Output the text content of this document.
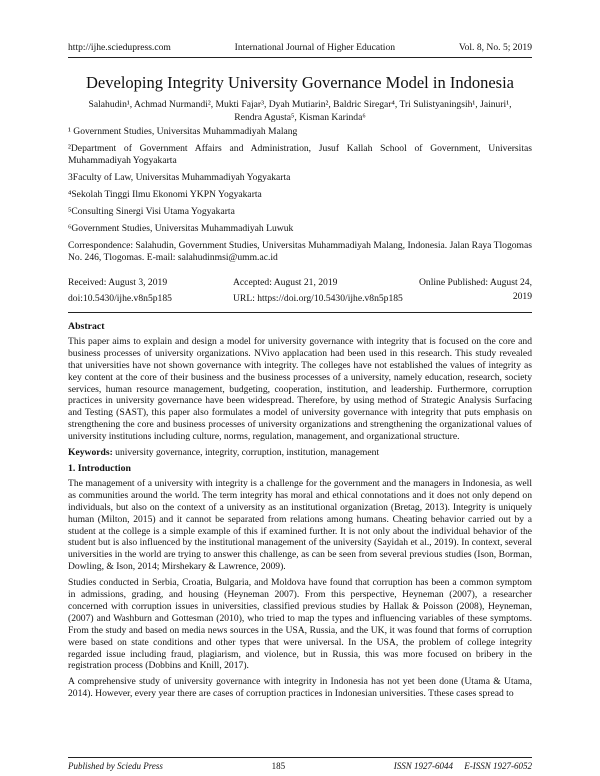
http://ijhe.sciedupress.com	International Journal of Higher Education	Vol. 8, No. 5; 2019
Developing Integrity University Governance Model in Indonesia
Salahudin¹, Achmad Nurmandi², Mukti Fajar³, Dyah Mutiarin², Baldric Siregar⁴, Tri Sulistyaningsih¹, Jainuri¹,
Rendra Agusta⁵, Kisman Karinda⁶

¹ Government Studies, Universitas Muhammadiyah Malang

²Department of Government Affairs and Administration, Jusuf Kallah School of Government, Universitas Muhammadiyah Yogyakarta

3Faculty of Law, Universitas Muhammadiyah Yogyakarta

⁴Sekolah Tinggi Ilmu Ekonomi YKPN Yogyakarta

⁵Consulting Sinergi Visi Utama Yogyakarta

⁶Government Studies, Universitas Muhammadiyah Luwuk

Correspondence: Salahudin, Government Studies, Universitas Muhammadiyah Malang, Indonesia. Jalan Raya Tlogomas No. 246, Tlogomas. E-mail: salahudinmsi@umm.ac.id

Received: August 3, 2019	Accepted: August 21, 2019	Online Published: August 24, 2019
doi:10.5430/ijhe.v8n5p185	URL: https://doi.org/10.5430/ijhe.v8n5p185
Abstract

This paper aims to explain and design a model for university governance with integrity that is focused on the core and business processes of university organizations. NVivo applacation had been used in this research. This study revealed that universities have not shown governance with integrity. The colleges have not established the values of integrity as key content at the core of their business and the business processes of a university, namely education, research, society services, human resource management, budgeting, cooperation, institution, and leadership. Furthermore, corruption practices in university governance have been widespread. Therefore, by using method of Strategic Analysis Surfacing and Testing (SAST), this paper also formulates a model of university governance with integrity that puts emphasis on strengthening the core and business processes of university organizations and strengthening the organizational values of university institutions including culture, norms, regulation, management, and organizational structure.

Keywords: university governance, integrity, corruption, institution, management

1. Introduction

The management of a university with integrity is a challenge for the government and the managers in Indonesia, as well as communities around the world. The term integrity has moral and ethical connotations and it does not only depend on individuals, but also on the context of a university as an institutional organization (Bretag, 2013). Integrity is uniquely human (Milton, 2015) and it cannot be separated from relations among humans. Cheating behavior carried out by a student at the college is a simple example of this if examined further. It is not only about the individual behavior of the student but is also influenced by the institutional management of the university (Sayidah et al., 2019). In context, several universities in the world are trying to answer this challenge, as can be seen from several previous studies (Ison, Borman, Dowling, & Ison, 2014; Mirshekary & Lawrence, 2009).

Studies conducted in Serbia, Croatia, Bulgaria, and Moldova have found that corruption has been a common symptom in admissions, grading, and housing (Heyneman 2007). From this perspective, Heyneman (2007), a researcher concerned with corruption issues in universities, classified previous studies by Hallak & Poisson (2008), Heyneman, (2007) and Washburn and Gottesman (2010), who tried to map the types and influencing variables of these symptoms. From the study and based on media news sources in the USA, Russia, and the UK, it was found that forms of corruption were based on state conditions and other types that were universal. In the USA, the problem of college integrity regarded issue including fraud, plagiarism, and violence, but in Russia, this was more focused on bribery in the registration process (Dobbins and Knill, 2017).

A comprehensive study of university governance with integrity in Indonesia has not yet been done (Utama & Utama, 2014). However, every year there are cases of corruption practices in Indonesian universities. Tthese cases spread to

Published by Sciedu Press	185	ISSN 1927-6044     E-ISSN 1927-6052
